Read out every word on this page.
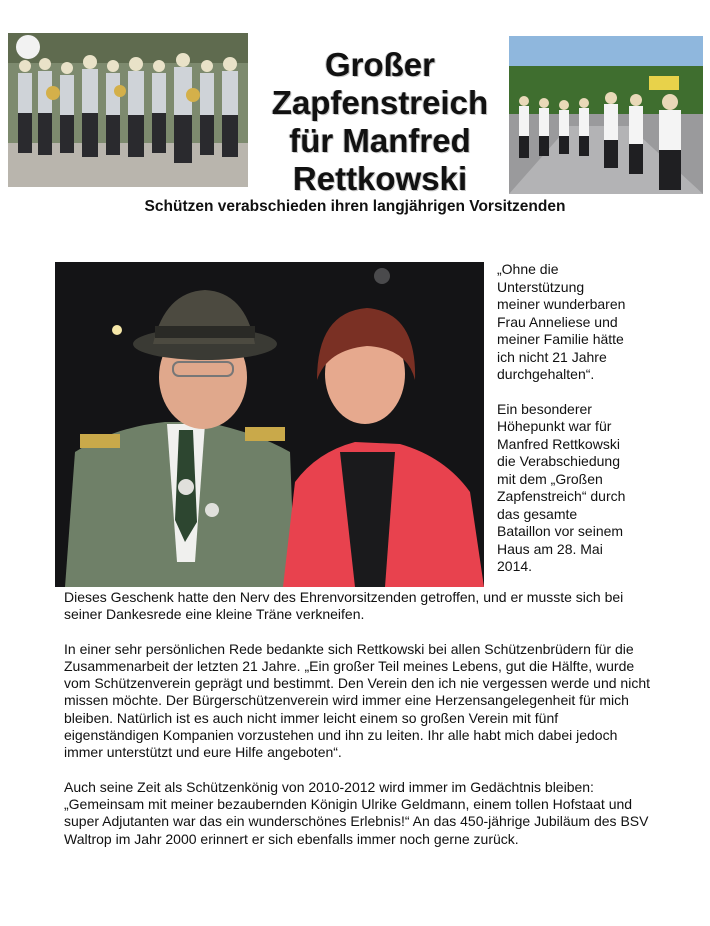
Großer Zapfenstreich für Manfred Rettkowski
Schützen verabschieden ihren langjährigen Vorsitzenden

„Ohne die
Unterstützung
meiner wunderbaren
Frau Anneliese und
meiner Familie hätte
ich nicht 21 Jahre
durchgehalten“.

Ein besonderer
Höhepunkt war für
Manfred Rettkowski
die Verabschiedung
mit dem „Großen
Zapfenstreich“ durch
das gesamte
Bataillon vor seinem
Haus am 28. Mai
2014.

Dieses Geschenk hatte den Nerv des Ehrenvorsitzenden getroffen, und er musste sich bei seiner Dankesrede eine kleine Träne verkneifen.

In einer sehr persönlichen Rede bedankte sich Rettkowski bei allen Schützenbrüdern für die Zusammenarbeit der letzten 21 Jahre. „Ein großer Teil meines Lebens, gut die Hälfte, wurde vom Schützenverein geprägt und bestimmt. Den Verein den ich nie vergessen werde und nicht missen möchte. Der Bürgerschützenverein wird immer eine Herzensangelegenheit für mich bleiben. Natürlich ist es auch nicht immer leicht einem so großen Verein mit fünf eigenständigen Kompanien vorzustehen und ihn zu leiten. Ihr alle habt mich dabei jedoch immer unterstützt und eure Hilfe angeboten“.

Auch seine Zeit als Schützenkönig von 2010-2012 wird immer im Gedächtnis bleiben: „Gemeinsam mit meiner bezaubernden Königin Ulrike Geldmann, einem tollen Hofstaat und super Adjutanten war das ein wunderschönes Erlebnis!“ An das 450-jährige Jubiläum des BSV Waltrop im Jahr 2000 erinnert er sich ebenfalls immer noch gerne zurück.
